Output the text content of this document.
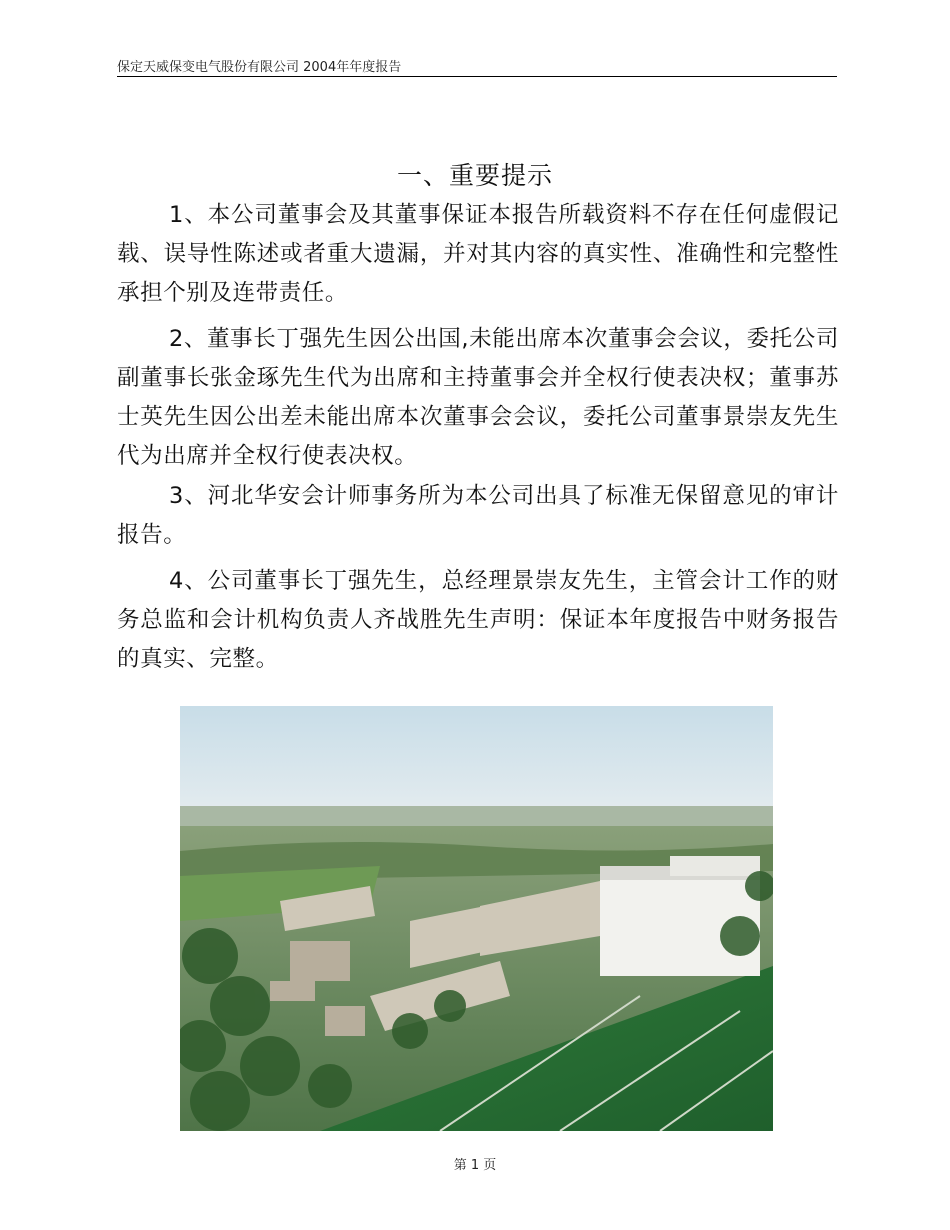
保定天威保变电气股份有限公司 2004年年度报告
一、重要提示

1、本公司董事会及其董事保证本报告所载资料不存在任何虚假记载、误导性陈述或者重大遗漏，并对其内容的真实性、准确性和完整性承担个别及连带责任。

2、董事长丁强先生因公出国,未能出席本次董事会会议，委托公司副董事长张金琢先生代为出席和主持董事会并全权行使表决权；董事苏士英先生因公出差未能出席本次董事会会议，委托公司董事景崇友先生代为出席并全权行使表决权。

3、河北华安会计师事务所为本公司出具了标准无保留意见的审计报告。

4、公司董事长丁强先生，总经理景崇友先生，主管会计工作的财务总监和会计机构负责人齐战胜先生声明：保证本年度报告中财务报告的真实、完整。

第 1 页
